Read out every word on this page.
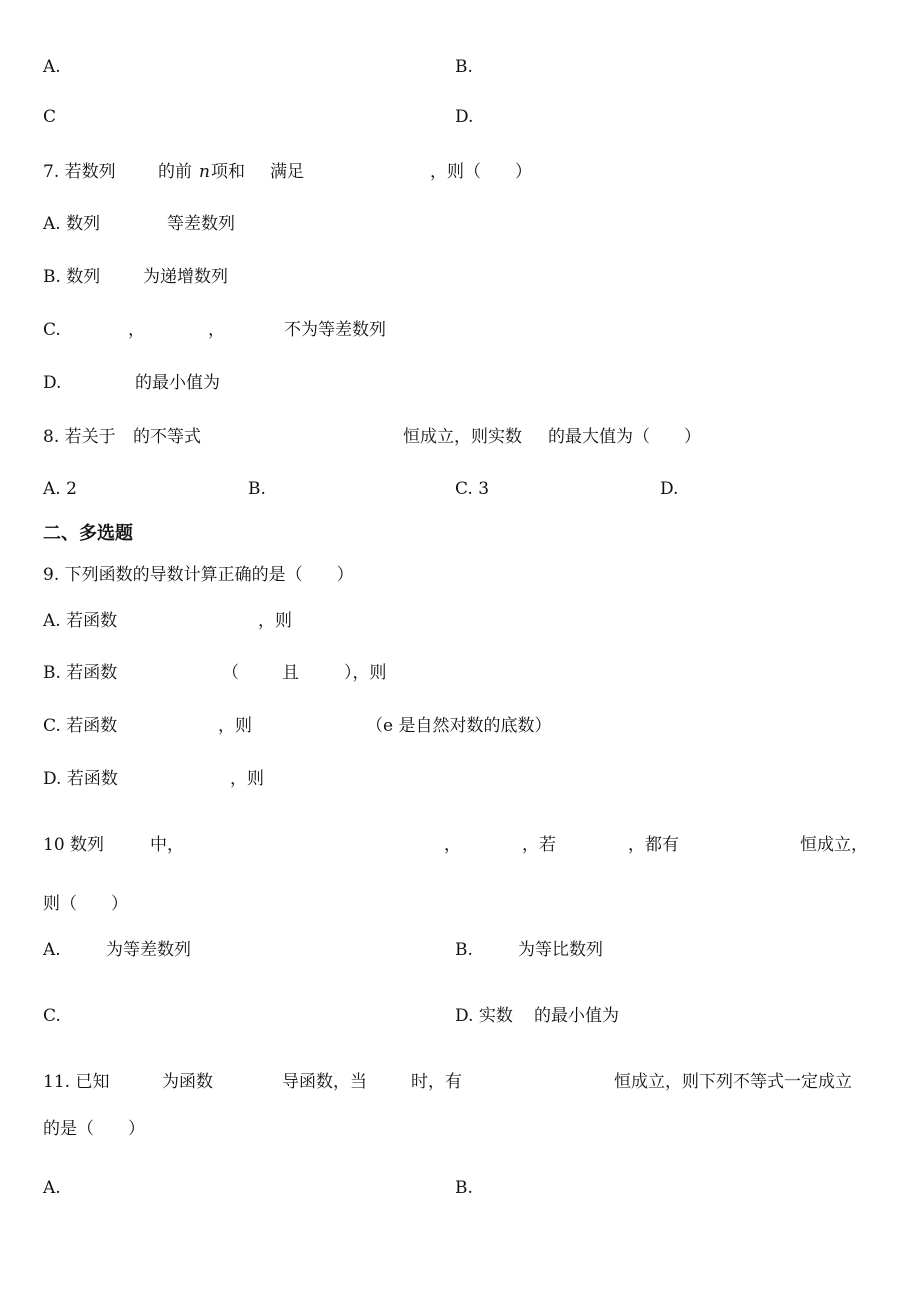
A.	B.
C	D.
7. 若数列 的前 n 项和 满足	，则（　　）
A. 数列	等差数列
B. 数列	为递增数列
C.	，	，	不为等差数列
D.	的最小值为
8. 若关于 的不等式	恒成立，则实数 的最大值为（　　）
A. 2	B.	C. 3	D.
二、多选题
9. 下列函数的导数计算正确的是（　　）
A. 若函数	，则
B. 若函数	（	且	），则
C. 若函数	，则	（e 是自然对数的底数）
D. 若函数	，则
10 数列	中，	，	，若	，都有	恒成立，
则（　　）
A.	为等差数列	B.	为等比数列
C.	D. 实数 的最小值为
11. 已知	为函数	导函数，当	时，有	恒成立，则下列不等式一定成立
的是（　　）
A.	B.
